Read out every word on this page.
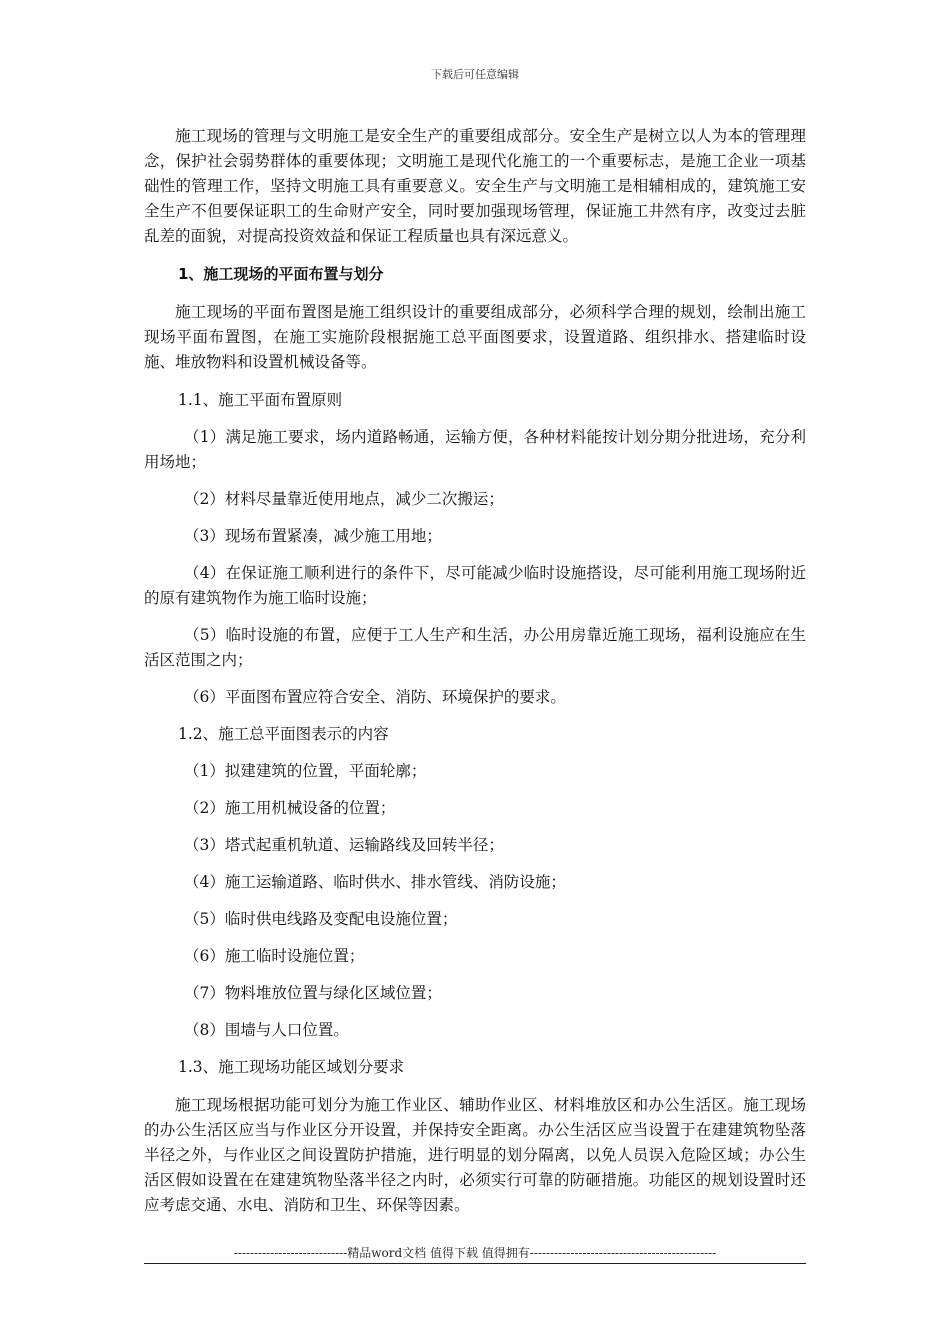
下载后可任意编辑

施工现场的管理与文明施工是安全生产的重要组成部分。安全生产是树立以人为本的管理理念，保护社会弱势群体的重要体现；文明施工是现代化施工的一个重要标志，是施工企业一项基础性的管理工作，坚持文明施工具有重要意义。安全生产与文明施工是相辅相成的，建筑施工安全生产不但要保证职工的生命财产安全，同时要加强现场管理，保证施工井然有序，改变过去脏乱差的面貌，对提高投资效益和保证工程质量也具有深远意义。

1、施工现场的平面布置与划分

施工现场的平面布置图是施工组织设计的重要组成部分，必须科学合理的规划，绘制出施工现场平面布置图，在施工实施阶段根据施工总平面图要求，设置道路、组织排水、搭建临时设施、堆放物料和设置机械设备等。

1.1、施工平面布置原则

（1）满足施工要求，场内道路畅通，运输方便，各种材料能按计划分期分批进场，充分利用场地；

（2）材料尽量靠近使用地点，减少二次搬运；

（3）现场布置紧凑，减少施工用地；

（4）在保证施工顺利进行的条件下，尽可能减少临时设施搭设，尽可能利用施工现场附近的原有建筑物作为施工临时设施；

（5）临时设施的布置，应便于工人生产和生活，办公用房靠近施工现场，福利设施应在生活区范围之内；

（6）平面图布置应符合安全、消防、环境保护的要求。

1.2、施工总平面图表示的内容

（1）拟建建筑的位置，平面轮廓；

（2）施工用机械设备的位置；

（3）塔式起重机轨道、运输路线及回转半径；

（4）施工运输道路、临时供水、排水管线、消防设施；

（5）临时供电线路及变配电设施位置；

（6）施工临时设施位置；

（7）物料堆放位置与绿化区域位置；

（8）围墙与人口位置。

1.3、施工现场功能区域划分要求

施工现场根据功能可划分为施工作业区、辅助作业区、材料堆放区和办公生活区。施工现场的办公生活区应当与作业区分开设置，并保持安全距离。办公生活区应当设置于在建建筑物坠落半径之外，与作业区之间设置防护措施，进行明显的划分隔离，以免人员误入危险区域；办公生活区假如设置在在建建筑物坠落半径之内时，必须实行可靠的防砸措施。功能区的规划设置时还应考虑交通、水电、消防和卫生、环保等因素。

----------------------------精品word文档 值得下载 值得拥有----------------------------------------------
